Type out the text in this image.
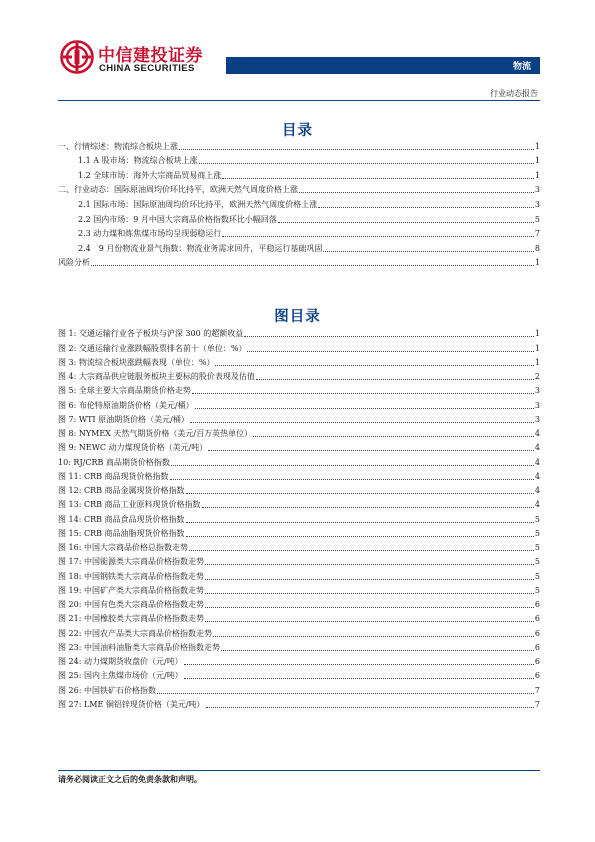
中信建投证券
CHINA SECURITIES	物流
行业动态报告
目录
一、行情综述：物流综合板块上涨	1
1.1 A 股市场：物流综合板块上涨	1
1.2 全球市场：海外大宗商品贸易商上涨	1
二、行业动态：国际原油周均价环比持平，欧洲天然气周度价格上涨	3
2.1 国际市场：国际原油周均价环比持平，欧洲天然气周度价格上涨	3
2.2 国内市场：9 月中国大宗商品价格指数环比小幅回落	5
2.3 动力煤和炼焦煤市场均呈现弱稳运行	7
2.4　9 月份物流业景气指数：物流业务需求回升，平稳运行基础巩固	8
风险分析	1
图目录
图 1: 交通运输行业各子板块与沪深 300 的超额收益	1
图 2: 交通运输行业涨跌幅股票排名前十（单位：%）	1
图 3: 物流综合板块涨跌幅表现（单位：%）	1
图 4: 大宗商品供应链服务板块主要标的股价表现及估值	2
图 5: 全球主要大宗商品期货价格走势	3
图 6: 布伦特原油期货价格（美元/桶）	3
图 7: WTI 原油期货价格（美元/桶）	3
图 8: NYMEX 天然气期货价格（美元/百万英热单位）	4
图 9: NEWC 动力煤现货价格（美元/吨）	4
10: RJ/CRB 商品期货价格指数	4
图 11: CRB 商品现货价格指数	4
图 12: CRB 商品金属现货价格指数	4
图 13: CRB 商品工业原料现货价格指数	4
图 14: CRB 商品食品现货价格指数	5
图 15: CRB 商品油脂现货价格指数	5
图 16: 中国大宗商品价格总指数走势	5
图 17: 中国能源类大宗商品价格指数走势	5
图 18: 中国钢铁类大宗商品价格指数走势	5
图 19: 中国矿产类大宗商品价格指数走势	5
图 20: 中国有色类大宗商品价格指数走势	6
图 21: 中国橡胶类大宗商品价格指数走势	6
图 22: 中国农产品类大宗商品价格指数走势	6
图 23: 中国油料油脂类大宗商品价格指数走势	6
图 24: 动力煤期货收盘价（元/吨）	6
图 25: 国内主焦煤市场价（元/吨）	6
图 26: 中国铁矿石价格指数	7
图 27: LME 铜铝锌现货价格（美元/吨）	7
请务必阅读正文之后的免责条款和声明。
